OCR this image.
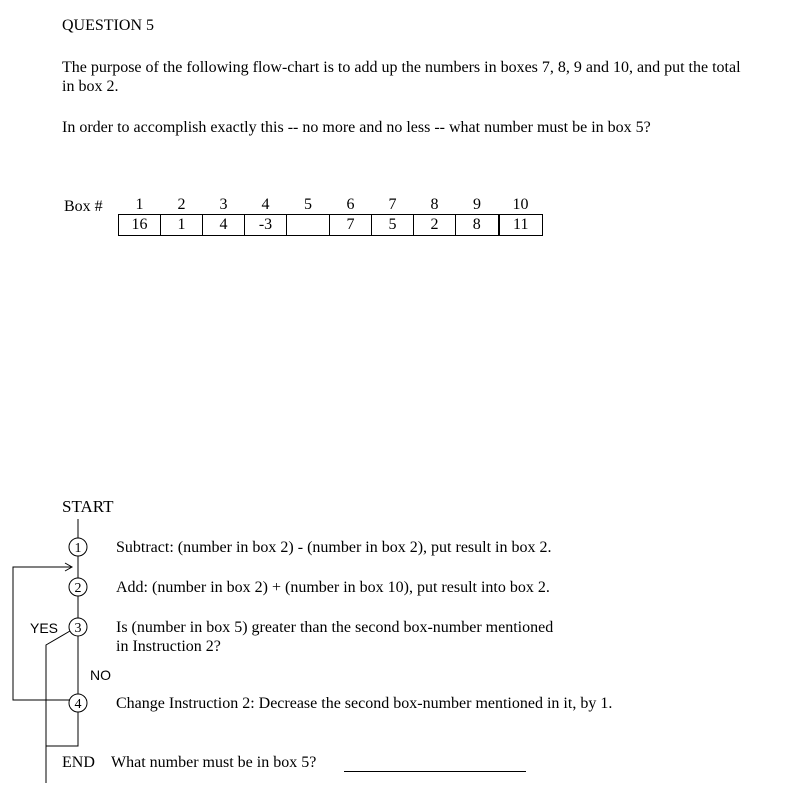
QUESTION 5
The purpose of the following flow-chart is to add up the numbers in boxes 7, 8, 9 and 10, and put the total in box 2.
In order to accomplish exactly this -- no more and no less -- what number must be in box 5?
Box # 1	2	3	4	5	6	7	8	9	10
16	1	4	-3		7	5	2	8	11
START
1
2
3
4
Subtract: (number in box 2) - (number in box 2), put result in box 2.
Add: (number in box 2) + (number in box 10), put result into box 2.
Is (number in box 5) greater than the second box-number mentioned
in Instruction 2?
Change Instruction 2: Decrease the second box-number mentioned in it, by 1.
YES
NO
END What number must be in box 5?
